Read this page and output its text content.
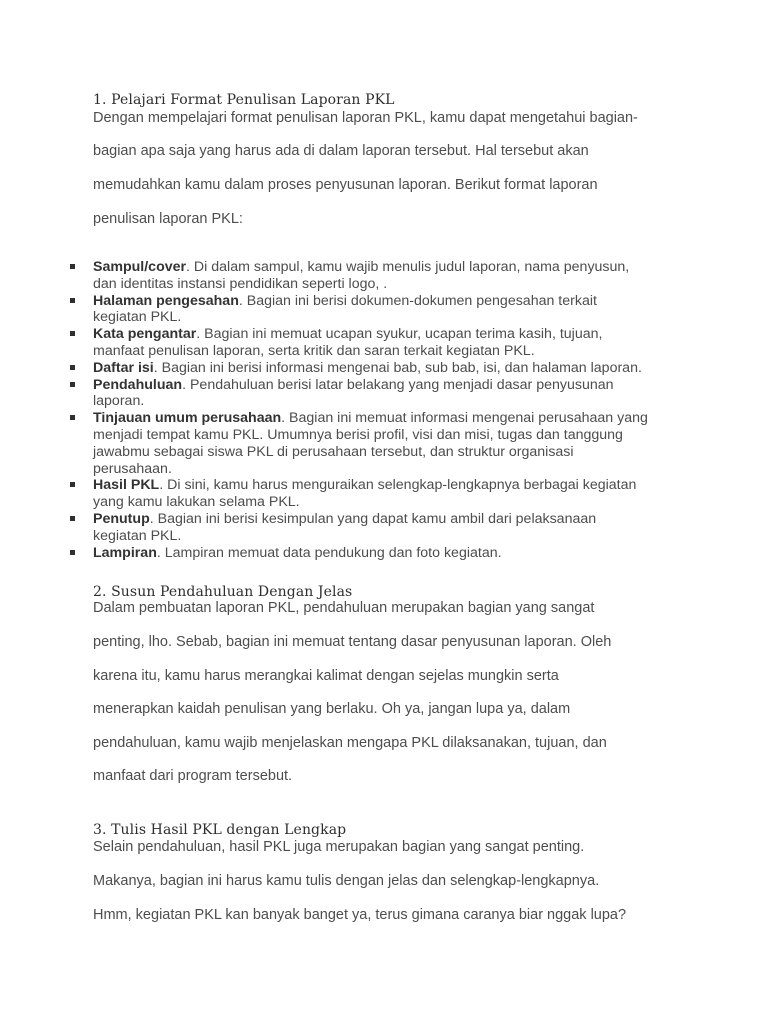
1. Pelajari Format Penulisan Laporan PKL

Dengan mempelajari format penulisan laporan PKL, kamu dapat mengetahui bagian-

bagian apa saja yang harus ada di dalam laporan tersebut. Hal tersebut akan

memudahkan kamu dalam proses penyusunan laporan. Berikut format laporan

penulisan laporan PKL:

Sampul/cover. Di dalam sampul, kamu wajib menulis judul laporan, nama penyusun, dan identitas instansi pendidikan seperti logo, .
Halaman pengesahan. Bagian ini berisi dokumen-dokumen pengesahan terkait kegiatan PKL.
Kata pengantar. Bagian ini memuat ucapan syukur, ucapan terima kasih, tujuan, manfaat penulisan laporan, serta kritik dan saran terkait kegiatan PKL.
Daftar isi. Bagian ini berisi informasi mengenai bab, sub bab, isi, dan halaman laporan.
Pendahuluan. Pendahuluan berisi latar belakang yang menjadi dasar penyusunan laporan.
Tinjauan umum perusahaan. Bagian ini memuat informasi mengenai perusahaan yang menjadi tempat kamu PKL. Umumnya berisi profil, visi dan misi, tugas dan tanggung jawabmu sebagai siswa PKL di perusahaan tersebut, dan struktur organisasi perusahaan.
Hasil PKL. Di sini, kamu harus menguraikan selengkap-lengkapnya berbagai kegiatan yang kamu lakukan selama PKL.
Penutup. Bagian ini berisi kesimpulan yang dapat kamu ambil dari pelaksanaan kegiatan PKL.
Lampiran. Lampiran memuat data pendukung dan foto kegiatan.
2. Susun Pendahuluan Dengan Jelas

Dalam pembuatan laporan PKL, pendahuluan merupakan bagian yang sangat

penting, lho. Sebab, bagian ini memuat tentang dasar penyusunan laporan. Oleh

karena itu, kamu harus merangkai kalimat dengan sejelas mungkin serta

menerapkan kaidah penulisan yang berlaku. Oh ya, jangan lupa ya, dalam

pendahuluan, kamu wajib menjelaskan mengapa PKL dilaksanakan, tujuan, dan

manfaat dari program tersebut.

3. Tulis Hasil PKL dengan Lengkap

Selain pendahuluan, hasil PKL juga merupakan bagian yang sangat penting.

Makanya, bagian ini harus kamu tulis dengan jelas dan selengkap-lengkapnya.

Hmm, kegiatan PKL kan banyak banget ya, terus gimana caranya biar nggak lupa?
